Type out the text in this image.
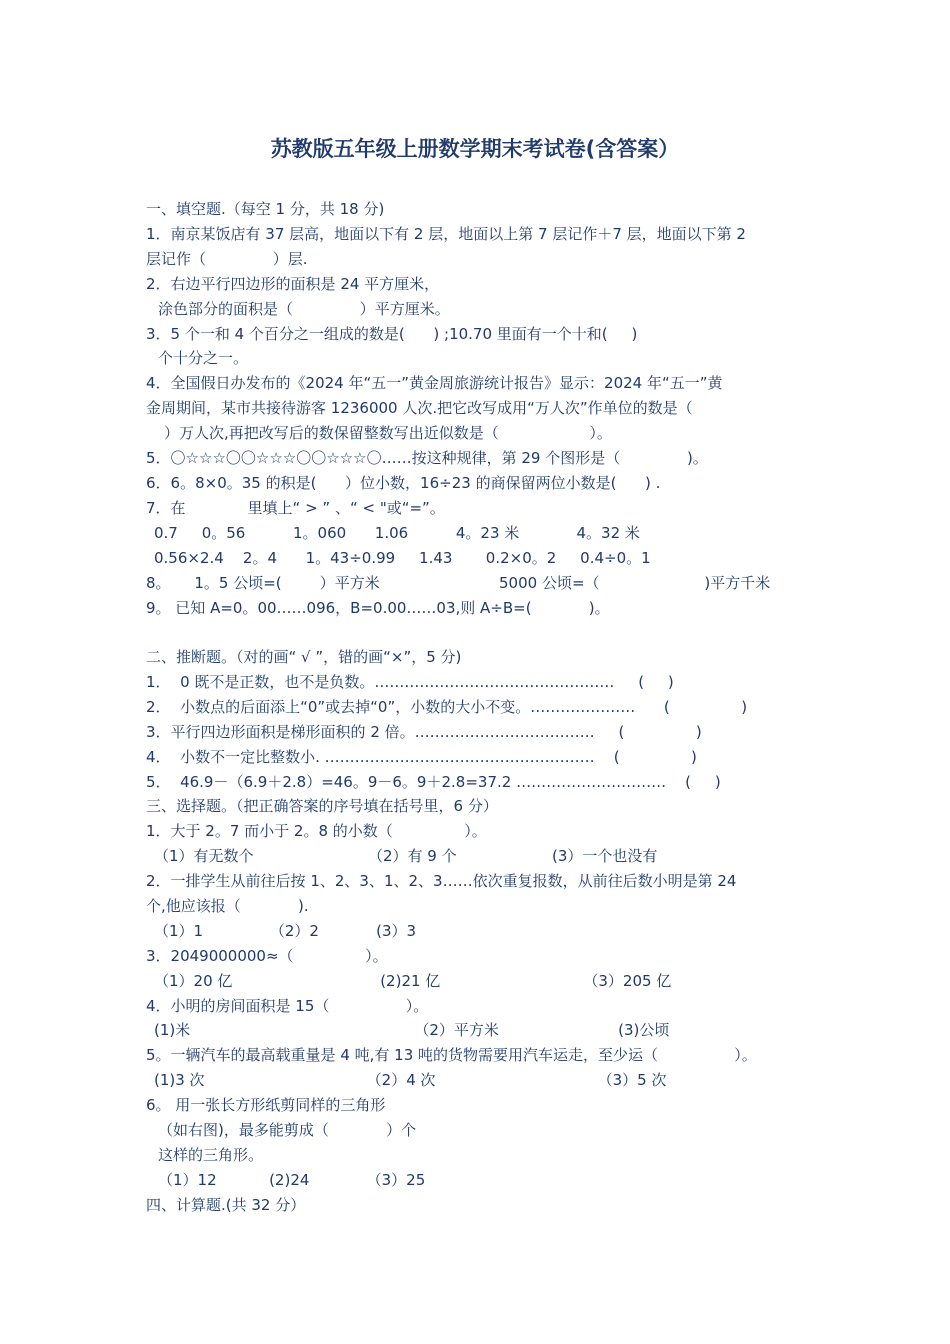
苏教版五年级上册数学期末考试卷(含答案）
一、填空题.（每空 1 分，共 18 分)
1．南京某饭店有 37 层高，地面以下有 2 层，地面以上第 7 层记作＋7 层，地面以下第 2
层记作（              ）层.
2．右边平行四边形的面积是 24 平方厘米，
涂色部分的面积是（              ）平方厘米。
3．5 个一和 4 个百分之一组成的数是(      ) ;10.70 里面有一个十和(     )
个十分之一。
4．全国假日办发布的《2024 年“五一”黄金周旅游统计报告》显示：2024 年“五一”黄
金周期间，某市共接待游客 1236000 人次.把它改写成用“万人次”作单位的数是（
）万人次,再把改写后的数保留整数写出近似数是（                   ）。
5．〇☆☆☆〇〇☆☆☆〇〇☆☆☆〇……按这种规律，第 29 个图形是（              )。
6．6。8×0。35 的积是(      ）位小数，16÷23 的商保留两位小数是(      ) .
7．在             里填上“ > ” 、“ < "或“=”。
0.7     0。56          1。060      1.06          4。23 米            4。32 米
0.56×2.4    2。4      1。43÷0.99     1.43       0.2×0。2     0.4÷0。1
8。     1。5 公顷=(        ）平方米                         5000 公顷=（                      )平方千米
9。 已知 A=0。00……096，B=0.00……03,则 A÷B=(            )。
二、推断题。（对的画“ √ ”，错的画“×”，5 分)
1．  0 既不是正数，也不是负数。…………………………………………     (     )
2．  小数点的后面添上“0”或去掉“0”，小数的大小不变。…………………      (               )
3．平行四边形面积是梯形面积的 2 倍。………………………………     (               )
4．  小数不一定比整数小. ………………………………………………    (               )
5．  46.9－（6.9＋2.8）=46。9－6。9＋2.8=37.2 …………………………    (     )
三、选择题。（把正确答案的序号填在括号里，6 分）
1．大于 2。7 而小于 2。8 的小数（               ）。
（1）有无数个                        （2）有 9 个                    (3）一个也没有
2．一排学生从前往后按 1、2、3、1、2、3……依次重复报数，从前往后数小明是第 24
个,他应该报（            ).
（1）1              （2）2            (3）3
3．2049000000≈（               ）。
（1）20 亿                               (2)21 亿                              （3）205 亿
4．小明的房间面积是 15（                ）。
(1)米                                               （2）平方米                         (3)公顷
5。一辆汽车的最高载重量是 4 吨,有 13 吨的货物需要用汽车运走，至少运（                ）。
(1)3 次                                  （2）4 次                                  （3）5 次
6。 用一张长方形纸剪同样的三角形
（如右图)，最多能剪成（            ）个
这样的三角形。
（1）12           (2)24            （3）25
四、计算题.(共 32 分）
